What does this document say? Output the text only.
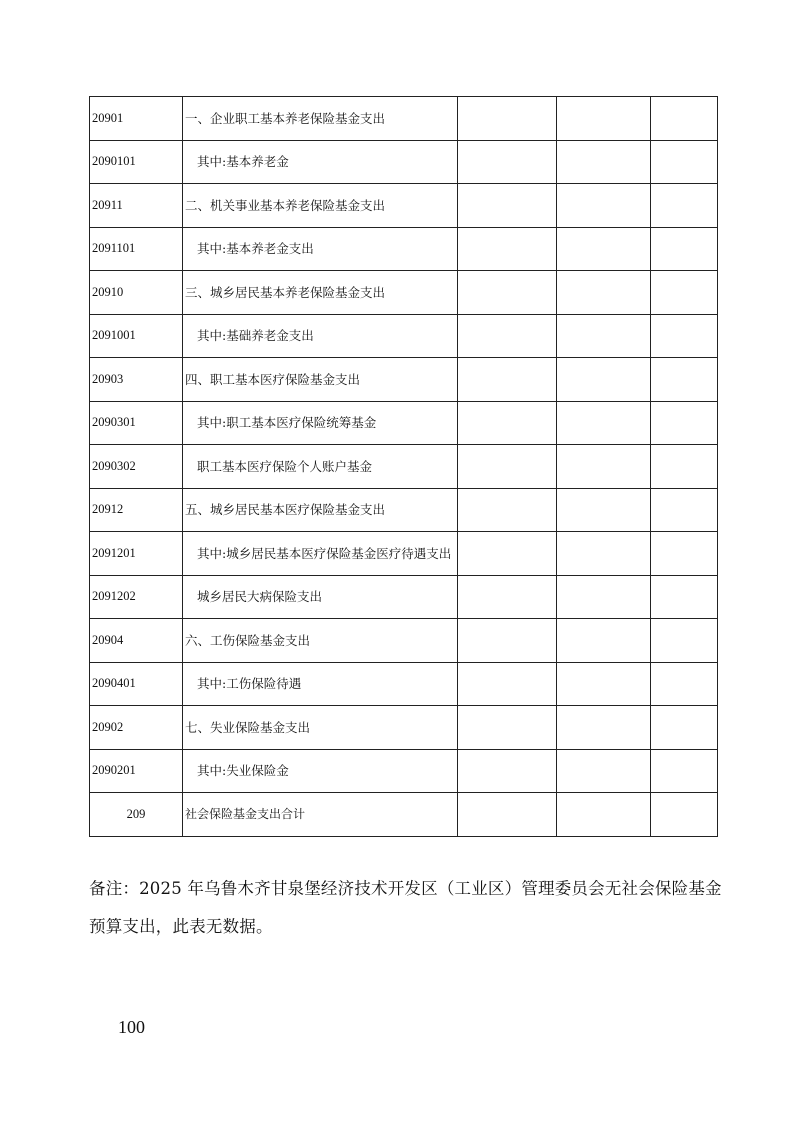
20901	一、企业职工基本养老保险基金支出			
2090101	其中:基本养老金			

20911	二、机关事业基本养老保险基金支出			
2091101	其中:基本养老金支出			

20910	三、城乡居民基本养老保险基金支出			
2091001	其中:基础养老金支出			

20903	四、职工基本医疗保险基金支出			
2090301	其中:职工基本医疗保险统筹基金			

2090302	职工基本医疗保险个人账户基金			

20912	五、城乡居民基本医疗保险基金支出			
2091201	其中:城乡居民基本医疗保险基金医疗待遇支出			

2091202	城乡居民大病保险支出			

20904	六、工伤保险基金支出			
2090401	其中:工伤保险待遇			

20902	七、失业保险基金支出			
2090201	其中:失业保险金			

209	社会保险基金支出合计			
备注：2025 年乌鲁木齐甘泉堡经济技术开发区（工业区）管理委员会无社会保险基金预算支出，此表无数据。
100
